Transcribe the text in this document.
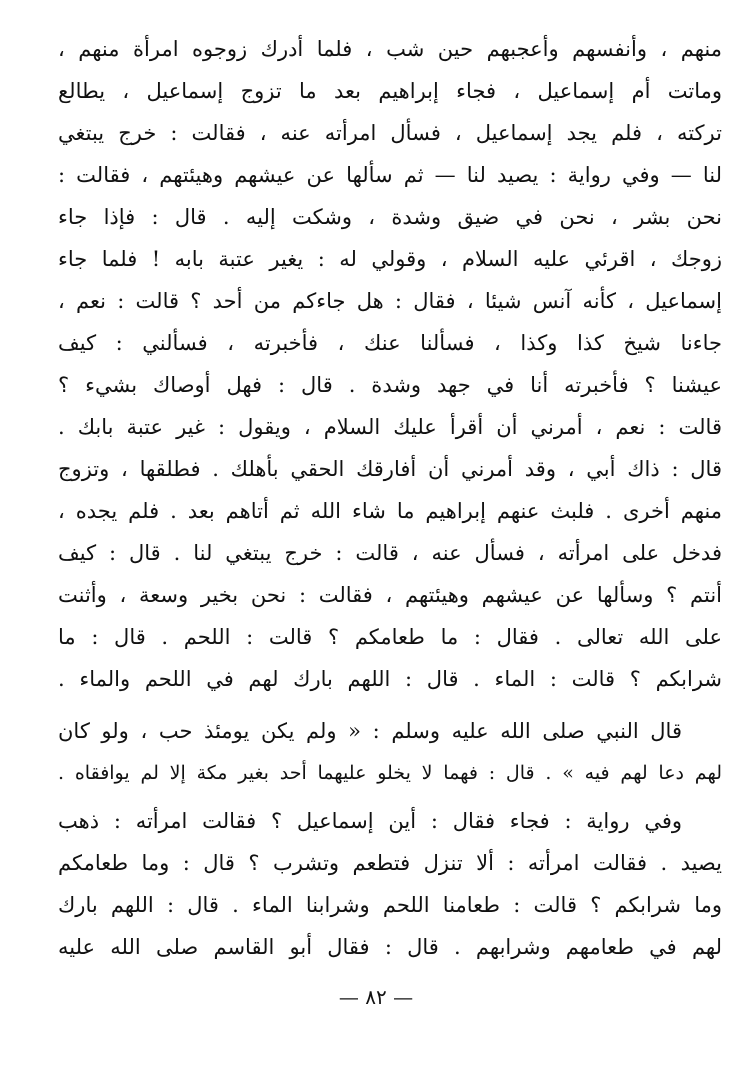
منهم ، وأنفسهم وأعجبهم حين شب ، فلما أدرك زوجوه امرأة منهم ،
وماتت أم إسماعيل ، فجاء إبراهيم بعد ما تزوج إسماعيل ، يطالع
تركته ، فلم يجد إسماعيل ، فسأل امرأته عنه ، فقالت : خرج يبتغي
لنا — وفي رواية : يصيد لنا — ثم سألها عن عيشهم وهيئتهم ، فقالت :
نحن بشر ، نحن في ضيق وشدة ، وشكت إليه . قال : فإذا جاء
زوجك ، اقرئي عليه السلام ، وقولي له : يغير عتبة بابه ! فلما جاء
إسماعيل ، كأنه آنس شيئا ، فقال : هل جاءكم من أحد ؟ قالت : نعم ،
جاءنا شيخ كذا وكذا ، فسألنا عنك ، فأخبرته ، فسألني : كيف
عيشنا ؟ فأخبرته أنا في جهد وشدة . قال : فهل أوصاك بشيء ؟
قالت : نعم ، أمرني أن أقرأ عليك السلام ، ويقول : غير عتبة بابك .
قال : ذاك أبي ، وقد أمرني أن أفارقك الحقي بأهلك . فطلقها ، وتزوج
منهم أخرى . فلبث عنهم إبراهيم ما شاء الله ثم أتاهم بعد . فلم يجده ،
فدخل على امرأته ، فسأل عنه ، قالت : خرج يبتغي لنا . قال : كيف
أنتم ؟ وسألها عن عيشهم وهيئتهم ، فقالت : نحن بخير وسعة ، وأثنت
على الله تعالى . فقال : ما طعامكم ؟ قالت : اللحم . قال : ما
شرابكم ؟ قالت : الماء . قال : اللهم بارك لهم في اللحم والماء .
قال النبي صلى الله عليه وسلم : « ولم يكن يومئذ حب ، ولو كان
لهم دعا لهم فيه » . قال : فهما لا يخلو عليهما أحد بغير مكة إلا لم يوافقاه .
وفي رواية : فجاء فقال : أين إسماعيل ؟ فقالت امرأته : ذهب
يصيد . فقالت امرأته : ألا تنزل فتطعم وتشرب ؟ قال : وما طعامكم
وما شرابكم ؟ قالت : طعامنا اللحم وشرابنا الماء . قال : اللهم بارك
لهم في طعامهم وشرابهم . قال : فقال أبو القاسم صلى الله عليه
— ٨٢ —
